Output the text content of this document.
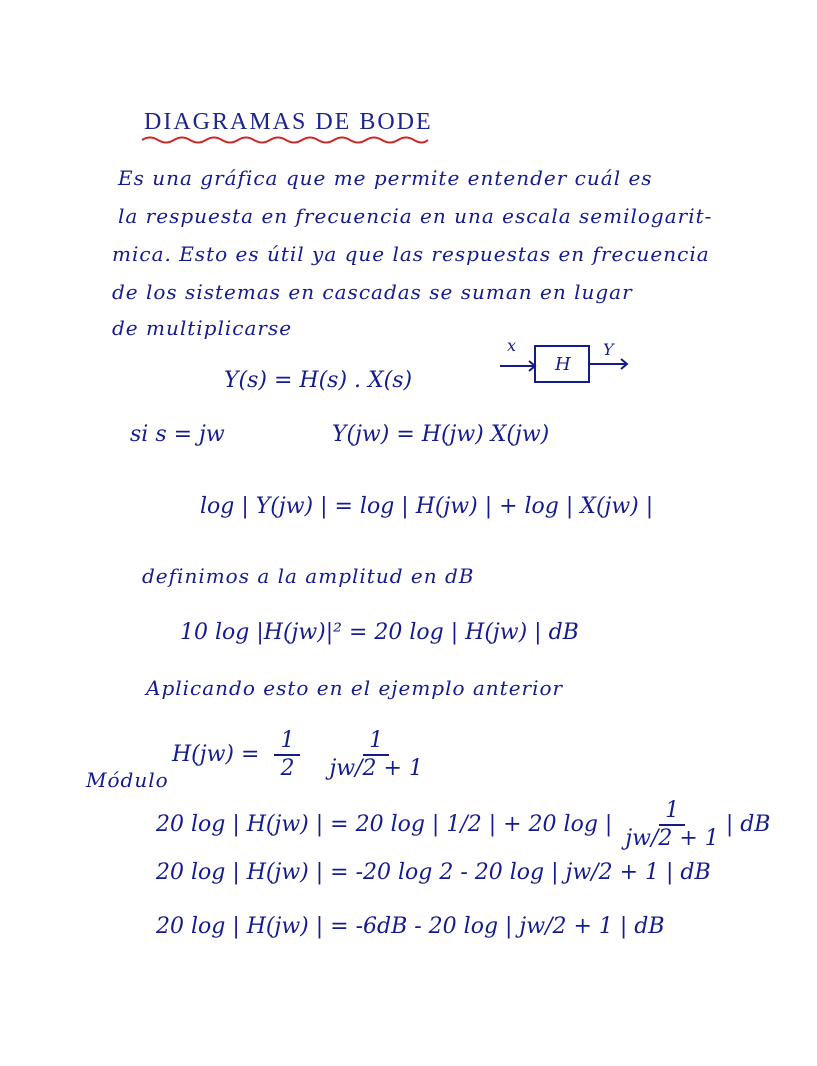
DIAGRAMAS DE BODE
Es una gráfica que me permite entender cuál es
la respuesta en frecuencia en una escala semilogarit-
mica. Esto es útil ya que las respuestas en frecuencia
de los sistemas en cascadas se suman en lugar
de multiplicarse
x
H
Y
Y(s) = H(s) . X(s)
si s = jw	Y(jw) = H(jw) X(jw)
log | Y(jw) | = log | H(jw) | + log | X(jw) |
definimos a la amplitud en dB
10 log |H(jw)|² = 20 log | H(jw) | dB
Aplicando esto en el ejemplo anterior
$H(jw) = \frac{1}{2}$
$\frac{1}{jw/2 + 1}$
Módulo
20 log | H(jw) | = 20 log | 1/2 | + 20 log | $\frac{1}{jw/2 + 1}$ | dB
20 log | H(jw) | = -20 log 2 - 20 log | jw/2 + 1 | dB
20 log | H(jw) | = -6dB - 20 log | jw/2 + 1 | dB
